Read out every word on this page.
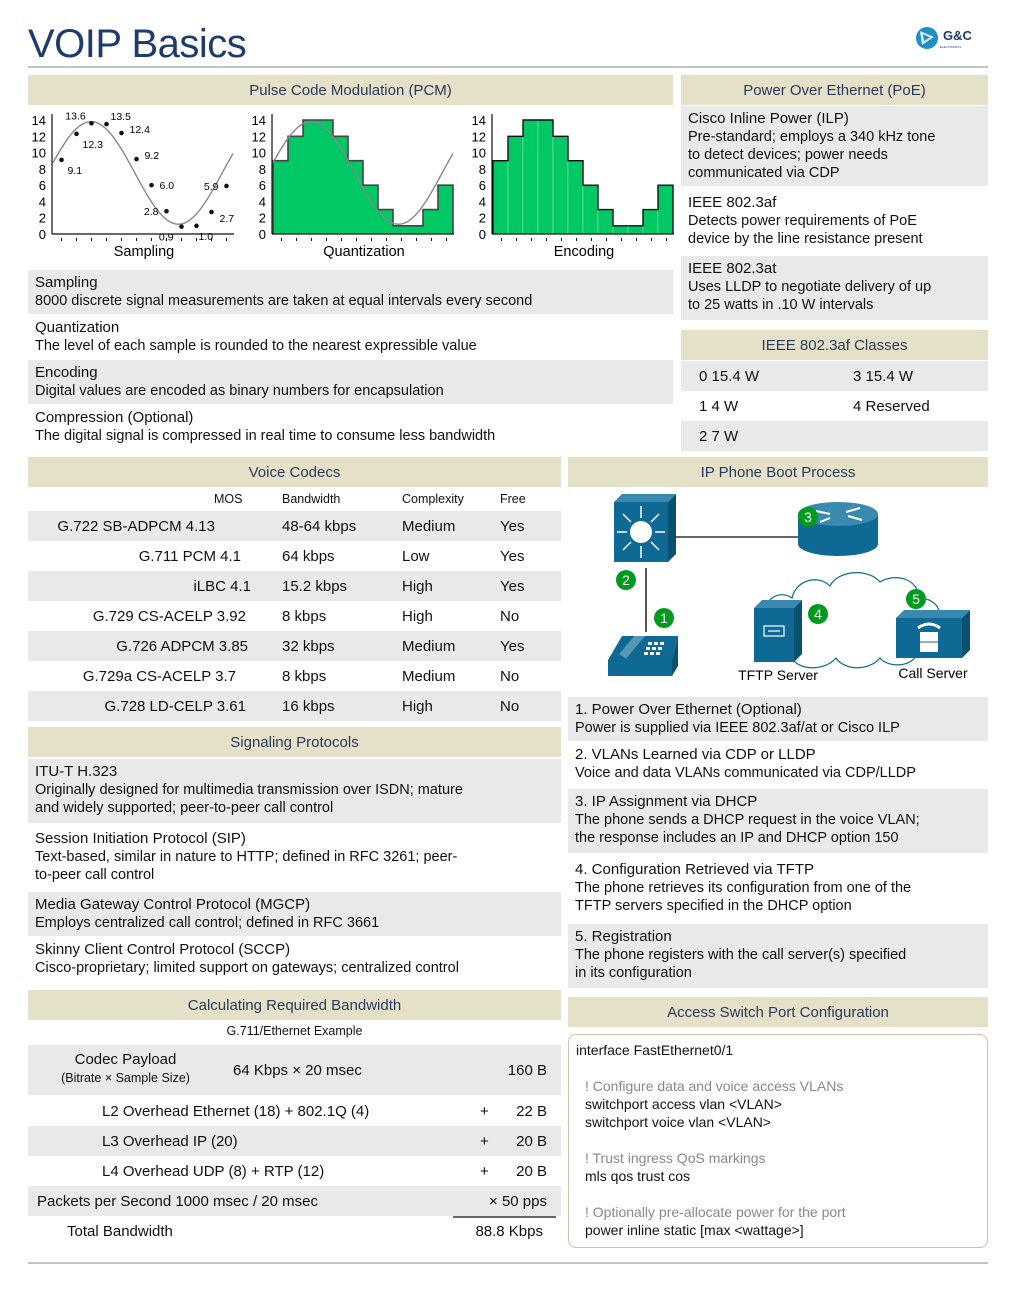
VOIP Basics	G&C
ELECTRONICS
Pulse Code Modulation (PCM)
0
2
4
6
8
10
12
14
Sampling
9.1
12.3
13.6 13.5
12.4
9.2
6.0
2.8
0.9 1.0
2.7
5.9
0
2
4
6
8
10
12
14
Quantization
0
2
4
6
8
10
12
14
Encoding
Sampling
8000 discrete signal measurements are taken at equal intervals every second
Quantization
The level of each sample is rounded to the nearest expressible value
Encoding
Digital values are encoded as binary numbers for encapsulation
Compression (Optional)
The digital signal is compressed in real time to consume less bandwidth
Power Over Ethernet (PoE)
Cisco Inline Power (ILP)
Pre-standard; employs a 340 kHz tone
to detect devices; power needs
communicated via CDP
IEEE 802.3af
Detects power requirements of PoE
device by the line resistance present
IEEE 802.3at
Uses LLDP to negotiate delivery of up
to 25 watts in .10 W intervals
IEEE 802.3af Classes
0 15.4 W	3 15.4 W
1 4 W	4 Reserved
2 7 W
Voice Codecs
MOS	Bandwidth	Complexity	Free
G.722 SB-ADPCM 4.13	48-64 kbps	Medium	Yes
G.711 PCM 4.1	64 kbps	Low	Yes
iLBC 4.1 15.2 kbps	High	Yes
G.729 CS-ACELP 3.92 8 kbps	High	No
G.726 ADPCM 3.85 32 kbps	Medium	Yes
G.729a CS-ACELP 3.7	8 kbps	Medium	No
G.728 LD-CELP 3.61 16 kbps	High	No
Signaling Protocols
ITU-T H.323
Originally designed for multimedia transmission over ISDN; mature
and widely supported; peer-to-peer call control
Session Initiation Protocol (SIP)
Text-based, similar in nature to HTTP; defined in RFC 3261; peer-
to-peer call control
Media Gateway Control Protocol (MGCP)
Employs centralized call control; defined in RFC 3661
Skinny Client Control Protocol (SCCP)
Cisco-proprietary; limited support on gateways; centralized control
Calculating Required Bandwidth
G.711/Ethernet Example
Codec Payload
(Bitrate × Sample Size)	64 Kbps × 20 msec	160 B
L2 Overhead Ethernet (18) + 802.1Q (4)	+ 22 B
L3 Overhead IP (20)	+ 20 B
L4 Overhead UDP (8) + RTP (12)	+ 20 B
Packets per Second 1000 msec / 20 msec	× 50 pps
Total Bandwidth	88.8 Kbps
IP Phone Boot Process
TFTP Server	Call Server
1
2
3
4
5
1. Power Over Ethernet (Optional)
Power is supplied via IEEE 802.3af/at or Cisco ILP
2. VLANs Learned via CDP or LLDP
Voice and data VLANs communicated via CDP/LLDP
3. IP Assignment via DHCP
The phone sends a DHCP request in the voice VLAN;
the response includes an IP and DHCP option 150
4. Configuration Retrieved via TFTP
The phone retrieves its configuration from one of the
TFTP servers specified in the DHCP option
5. Registration
The phone registers with the call server(s) specified
in its configuration
Access Switch Port Configuration
interface FastEthernet0/1
! Configure data and voice access VLANs
switchport access vlan <VLAN>
switchport voice vlan <VLAN>
! Trust ingress QoS markings
mls qos trust cos
! Optionally pre-allocate power for the port
power inline static [max <wattage>]
